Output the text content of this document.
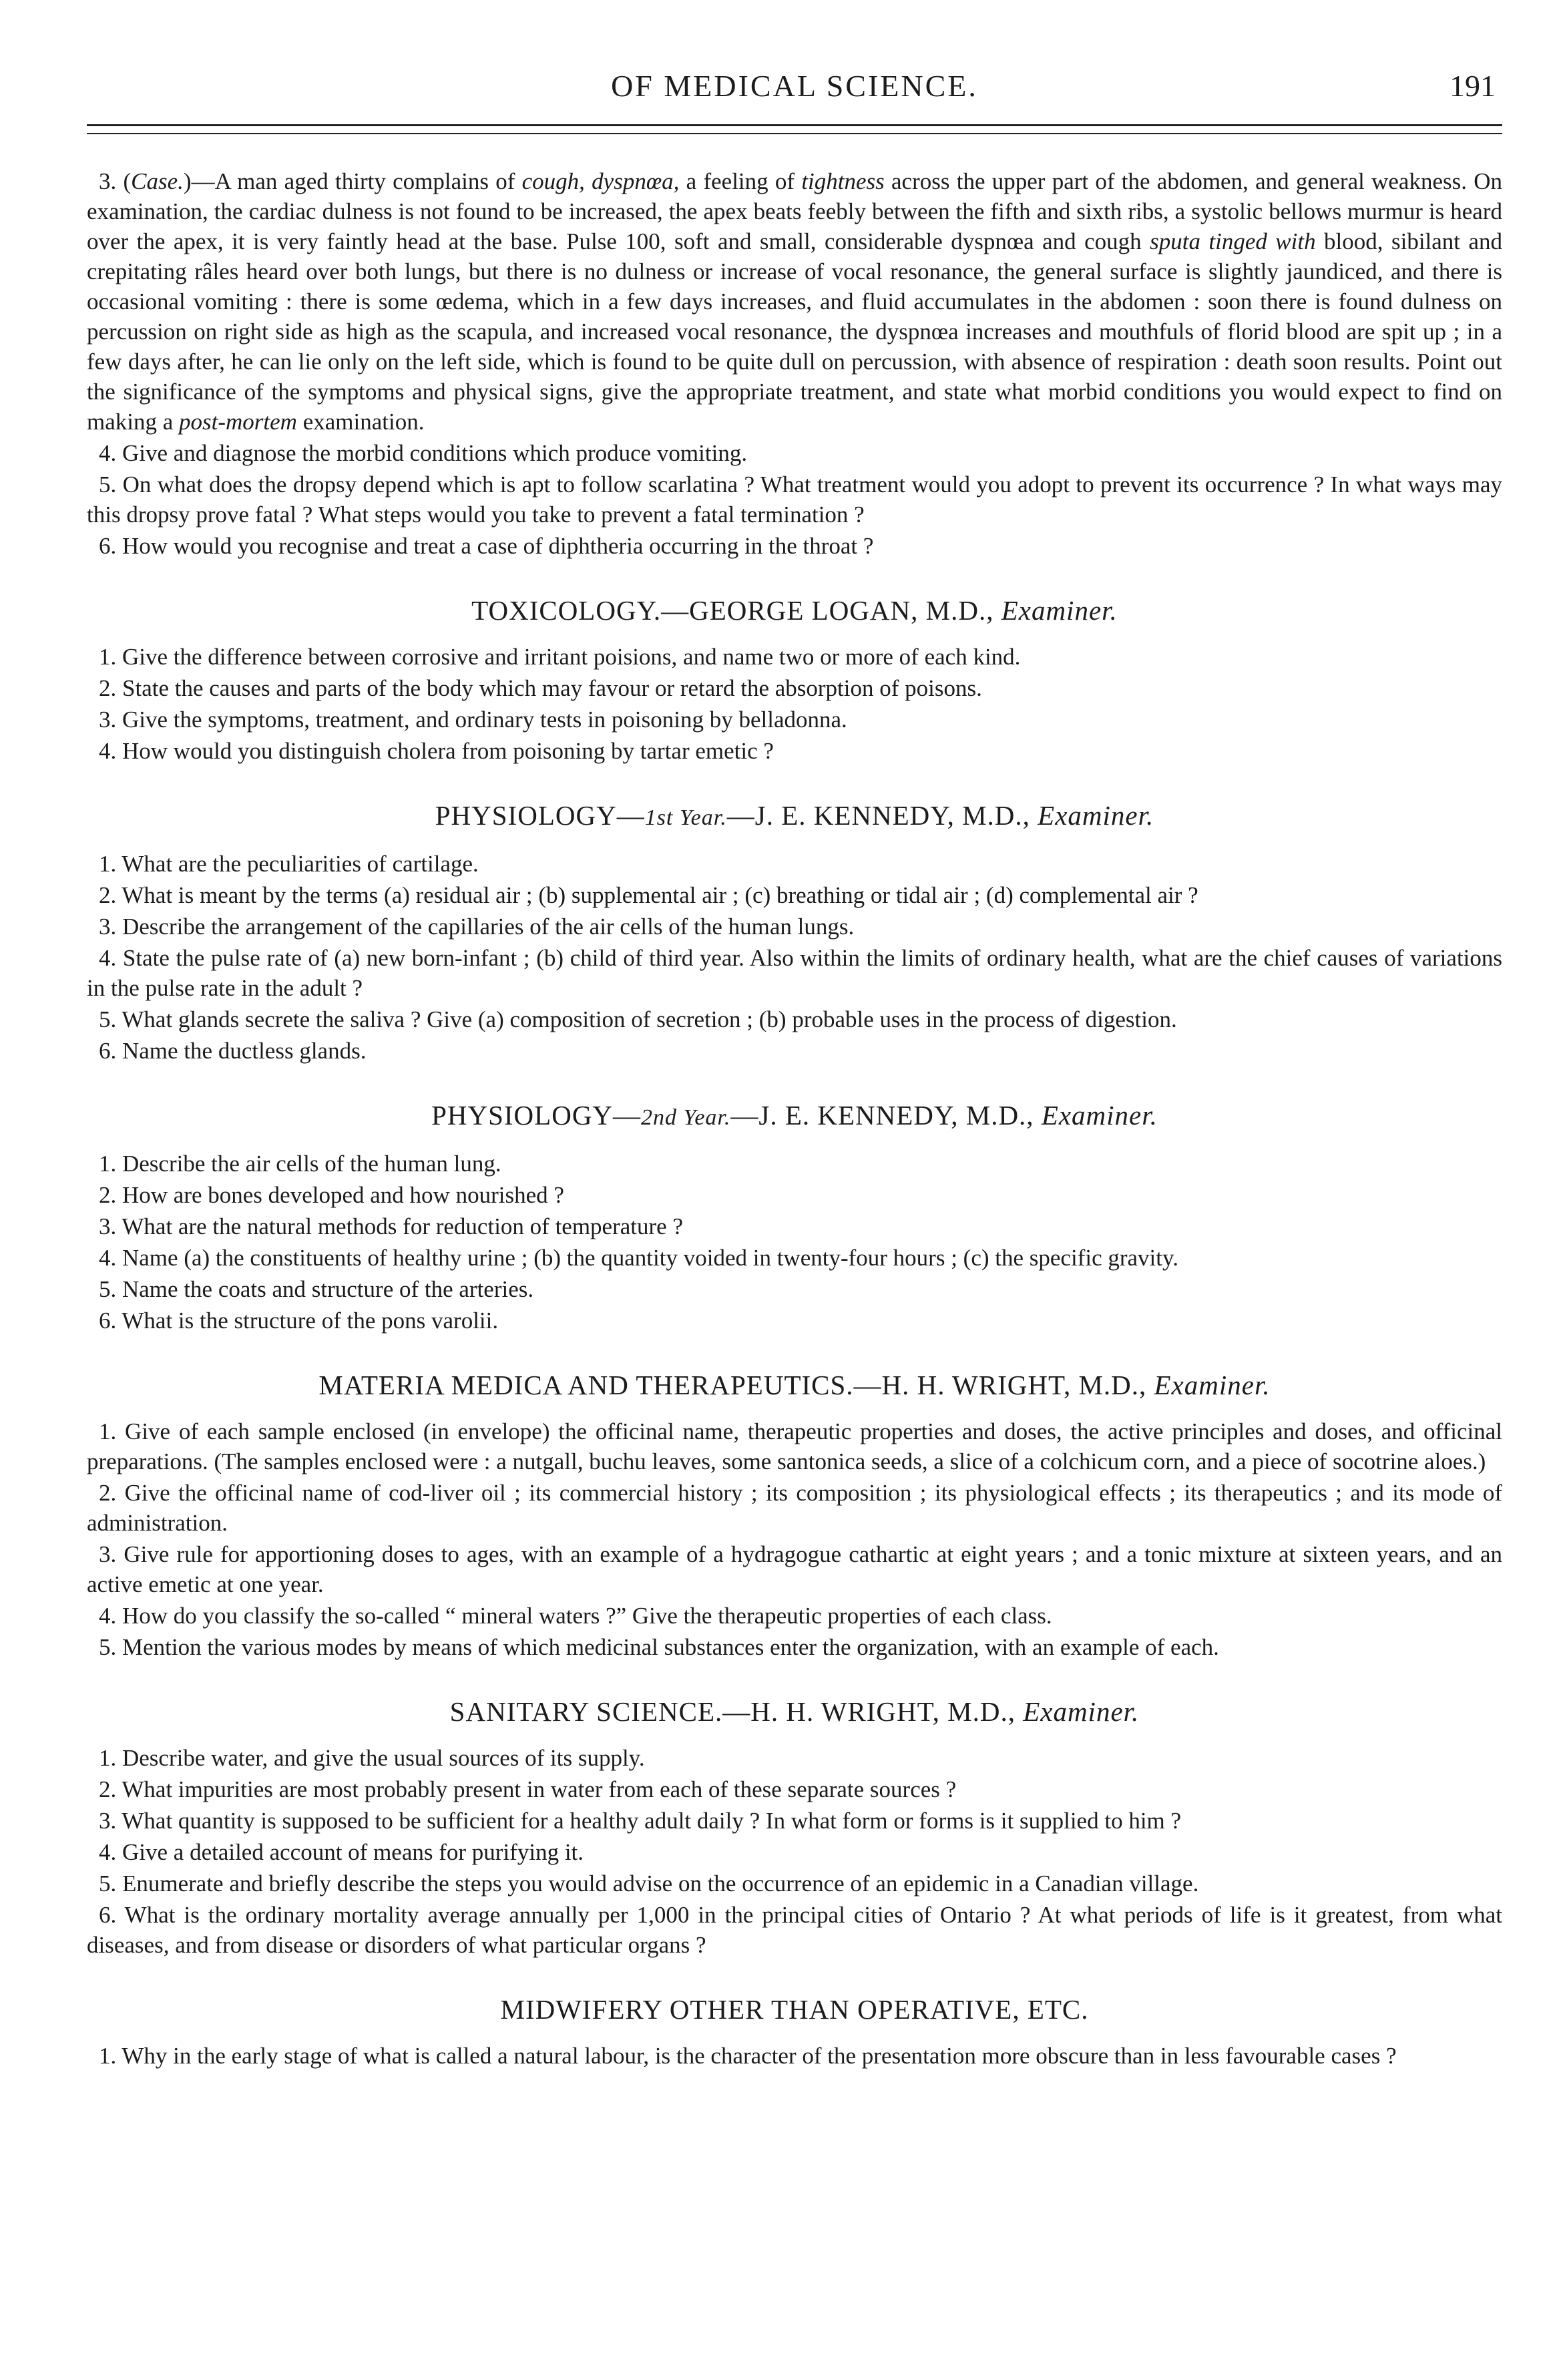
OF MEDICAL SCIENCE.	191

3. (Case.)—A man aged thirty complains of cough, dyspnœa, a feeling of tightness across the upper part of the abdomen, and general weakness. On examination, the cardiac dulness is not found to be increased, the apex beats feebly between the fifth and sixth ribs, a systolic bellows murmur is heard over the apex, it is very faintly head at the base. Pulse 100, soft and small, considerable dyspnœa and cough sputa tinged with blood, sibilant and crepitating râles heard over both lungs, but there is no dulness or increase of vocal resonance, the general surface is slightly jaundiced, and there is occasional vomiting : there is some œdema, which in a few days increases, and fluid accumulates in the abdomen : soon there is found dulness on percussion on right side as high as the scapula, and increased vocal resonance, the dyspnœa increases and mouthfuls of florid blood are spit up ; in a few days after, he can lie only on the left side, which is found to be quite dull on percussion, with absence of respiration : death soon results. Point out the significance of the symptoms and physical signs, give the appropriate treatment, and state what morbid conditions you would expect to find on making a post-mortem examination.

4. Give and diagnose the morbid conditions which produce vomiting.

5. On what does the dropsy depend which is apt to follow scarlatina ? What treatment would you adopt to prevent its occurrence ? In what ways may this dropsy prove fatal ? What steps would you take to prevent a fatal termination ?

6. How would you recognise and treat a case of diphtheria occurring in the throat ?

TOXICOLOGY.—GEORGE LOGAN, M.D., Examiner.

1. Give the difference between corrosive and irritant poisions, and name two or more of each kind.

2. State the causes and parts of the body which may favour or retard the absorption of poisons.

3. Give the symptoms, treatment, and ordinary tests in poisoning by belladonna.

4. How would you distinguish cholera from poisoning by tartar emetic ?

PHYSIOLOGY—1st Year.—J. E. KENNEDY, M.D., Examiner.

1. What are the peculiarities of cartilage.

2. What is meant by the terms (a) residual air ; (b) supplemental air ; (c) breathing or tidal air ; (d) complemental air ?

3. Describe the arrangement of the capillaries of the air cells of the human lungs.

4. State the pulse rate of (a) new born-infant ; (b) child of third year. Also within the limits of ordinary health, what are the chief causes of variations in the pulse rate in the adult ?

5. What glands secrete the saliva ? Give (a) composition of secretion ; (b) probable uses in the process of digestion.

6. Name the ductless glands.

PHYSIOLOGY—2nd Year.—J. E. KENNEDY, M.D., Examiner.

1. Describe the air cells of the human lung.

2. How are bones developed and how nourished ?

3. What are the natural methods for reduction of temperature ?

4. Name (a) the constituents of healthy urine ; (b) the quantity voided in twenty-four hours ; (c) the specific gravity.

5. Name the coats and structure of the arteries.

6. What is the structure of the pons varolii.

MATERIA MEDICA AND THERAPEUTICS.—H. H. WRIGHT, M.D., Examiner.

1. Give of each sample enclosed (in envelope) the officinal name, therapeutic properties and doses, the active principles and doses, and officinal preparations. (The samples enclosed were : a nutgall, buchu leaves, some santonica seeds, a slice of a colchicum corn, and a piece of socotrine aloes.)

2. Give the officinal name of cod-liver oil ; its commercial history ; its composition ; its physiological effects ; its therapeutics ; and its mode of administration.

3. Give rule for apportioning doses to ages, with an example of a hydragogue cathartic at eight years ; and a tonic mixture at sixteen years, and an active emetic at one year.

4. How do you classify the so-called “ mineral waters ?” Give the therapeutic properties of each class.

5. Mention the various modes by means of which medicinal substances enter the organization, with an example of each.

SANITARY SCIENCE.—H. H. WRIGHT, M.D., Examiner.

1. Describe water, and give the usual sources of its supply.

2. What impurities are most probably present in water from each of these separate sources ?

3. What quantity is supposed to be sufficient for a healthy adult daily ? In what form or forms is it supplied to him ?

4. Give a detailed account of means for purifying it.

5. Enumerate and briefly describe the steps you would advise on the occurrence of an epidemic in a Canadian village.

6. What is the ordinary mortality average annually per 1,000 in the principal cities of Ontario ? At what periods of life is it greatest, from what diseases, and from disease or disorders of what particular organs ?

MIDWIFERY OTHER THAN OPERATIVE, ETC.

1. Why in the early stage of what is called a natural labour, is the character of the presentation more obscure than in less favourable cases ?
